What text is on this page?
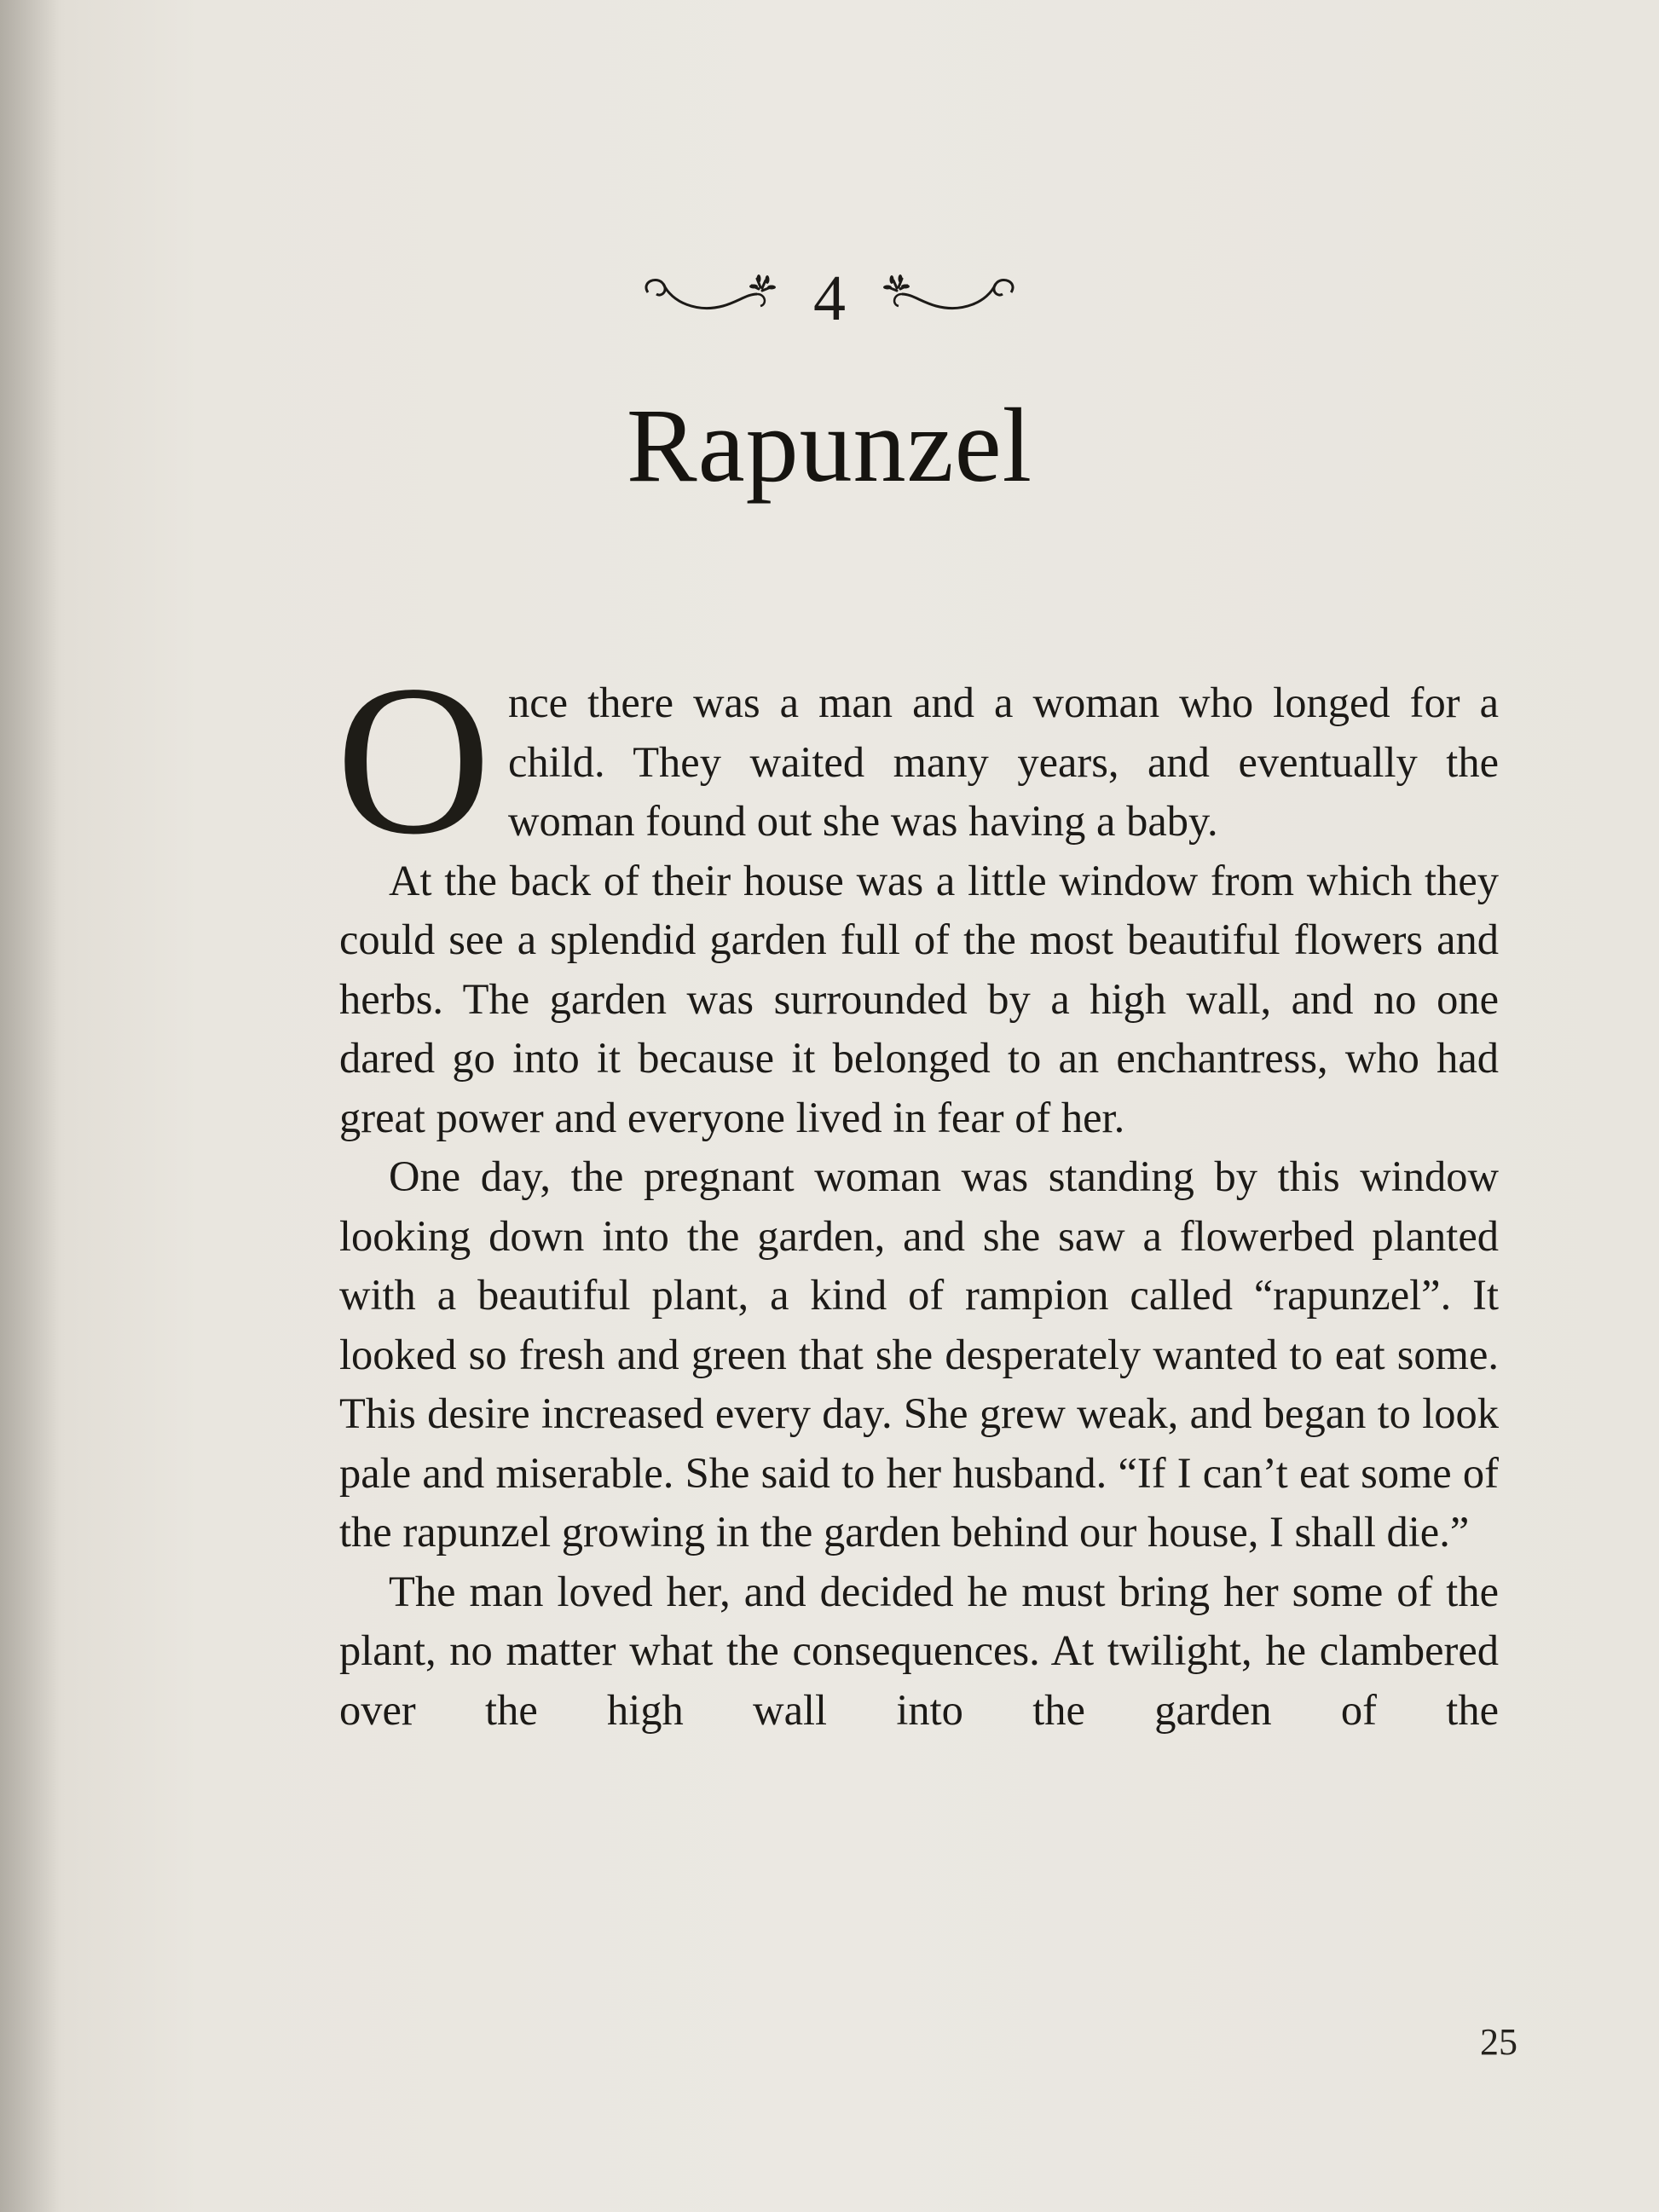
4
Rapunzel

Once there was a man and a woman who longed for a child. They waited many years, and eventually the woman found out she was having a baby.

At the back of their house was a little window from which they could see a splendid garden full of the most beautiful flowers and herbs. The garden was surrounded by a high wall, and no one dared go into it because it belonged to an enchantress, who had great power and everyone lived in fear of her.

One day, the pregnant woman was standing by this window looking down into the garden, and she saw a flowerbed planted with a beautiful plant, a kind of rampion called “rapunzel”. It looked so fresh and green that she desperately wanted to eat some. This desire increased every day. She grew weak, and began to look pale and miserable. She said to her husband. “If I can’t eat some of the rapunzel growing in the garden behind our house, I shall die.”

The man loved her, and decided he must bring her some of the plant, no matter what the consequences. At twilight, he clambered over the high wall into the garden of the

25
